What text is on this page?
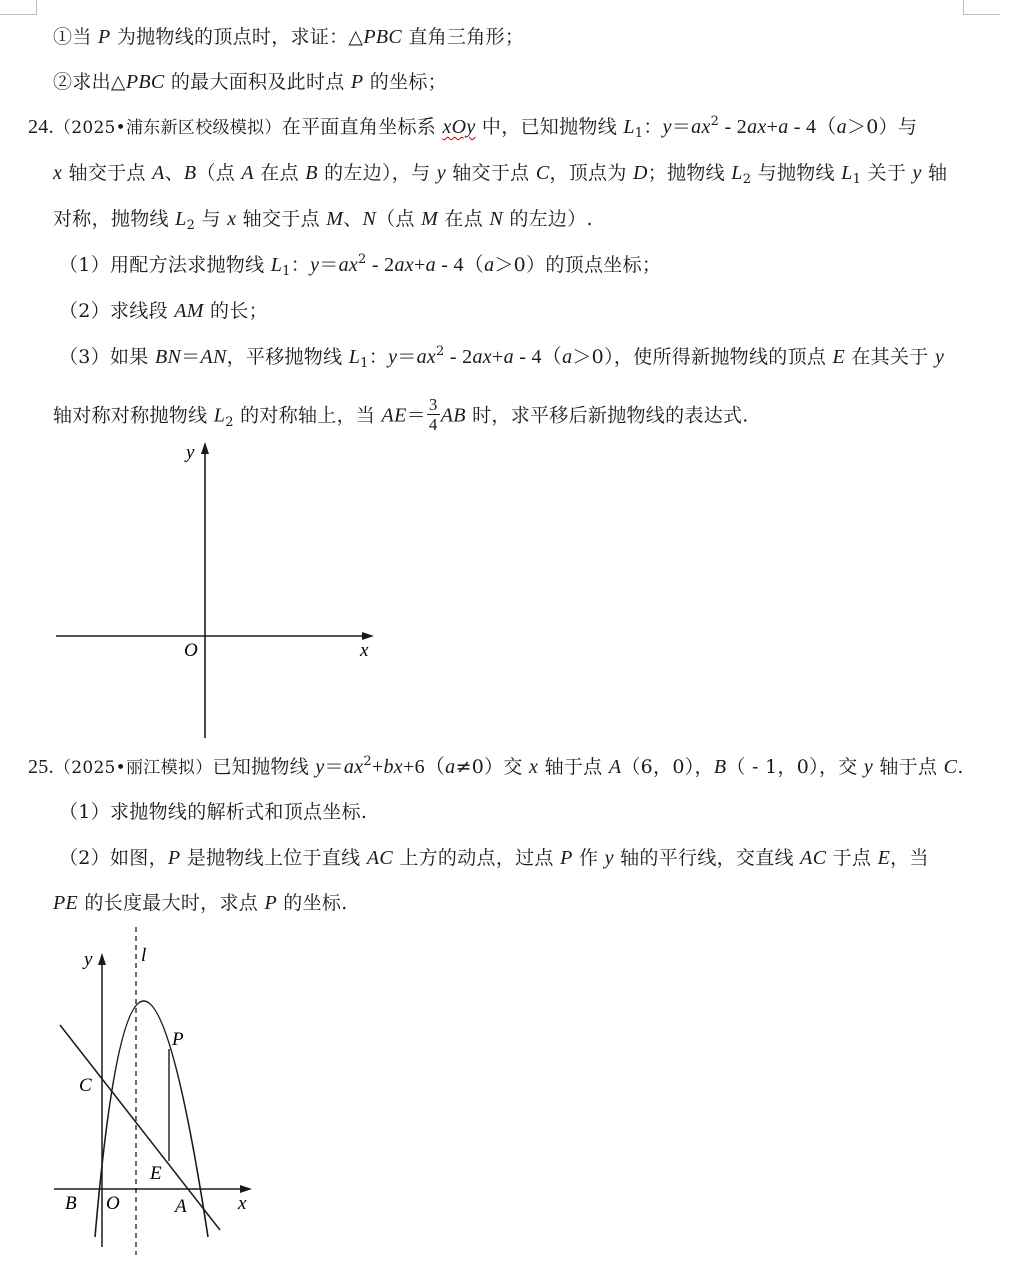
①当 P 为抛物线的顶点时，求证：△PBC 直角三角形；
②求出△PBC 的最大面积及此时点 P 的坐标；
24.（2025•浦东新区校级模拟）在平面直角坐标系 xOy 中，已知抛物线 $L_1$：$y=ax^2$ ‐ 2ax+a ‐ 4（a＞0）与
x 轴交于点 A、B（点 A 在点 B 的左边），与 y 轴交于点 C，顶点为 D；抛物线 $L_2$ 与抛物线 $L_1$ 关于 y 轴
对称，抛物线 $L_2$ 与 x 轴交于点 M、N（点 M 在点 N 的左边）.
（1）用配方法求抛物线 $L_1$：$y=ax^2$ ‐ 2ax+a ‐ 4（a＞0）的顶点坐标；
（2）求线段 AM 的长；
（3）如果 BN＝AN，平移抛物线 $L_1$：$y=ax^2$ ‐ 2ax+a ‐ 4（a＞0），使所得新抛物线的顶点 E 在其关于 y
轴对称对称抛物线 $L_2$ 的对称轴上，当 $AE= \frac{3}{4}$ AB 时，求平移后新抛物线的表达式.
y
x
O
25.（2025•丽江模拟）已知抛物线 $y=ax^2+bx+6(a\ne 0)$交 x 轴于点 A（6，0），B（ ‐ 1，0），交 y 轴于点 C.
（1）求抛物线的解析式和顶点坐标.
（2）如图，P 是抛物线上位于直线 AC 上方的动点，过点 P 作 y 轴的平行线，交直线 AC 于点 E，当
PE 的长度最大时，求点 P 的坐标.
y	l
P
C
E
B O	A	x
